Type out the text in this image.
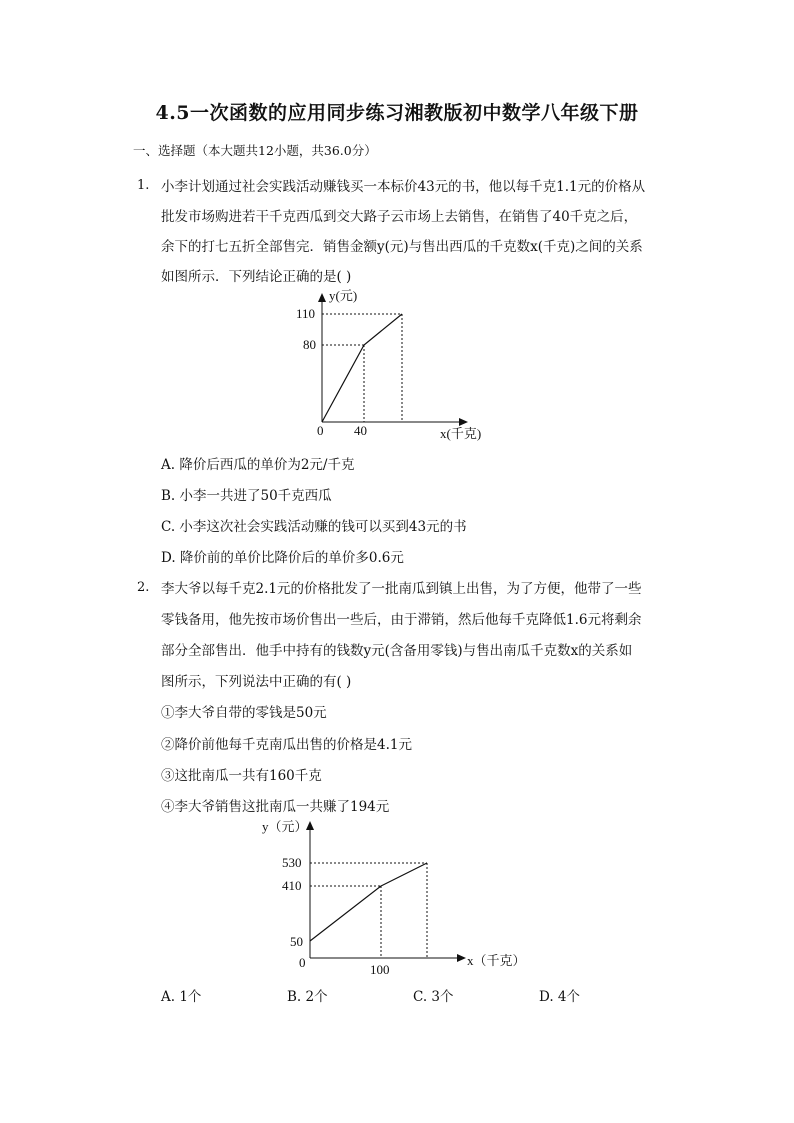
4.5一次函数的应用同步练习湘教版初中数学八年级下册
一、选择题（本大题共12小题，共36.0分）
1. 小李计划通过社会实践活动赚钱买一本标价43元的书，他以每千克1.1元的价格从
批发市场购进若干千克西瓜到交大路子云市场上去销售，在销售了40千克之后，
余下的打七五折全部售完．销售金额y(元)与售出西瓜的千克数x(千克)之间的关系
如图所示．下列结论正确的是( )
y(元)
110
80
0 40	x(千克)
A. 降价后西瓜的单价为2元/千克
B. 小李一共进了50千克西瓜
C. 小李这次社会实践活动赚的钱可以买到43元的书
D. 降价前的单价比降价后的单价多0.6元
2. 李大爷以每千克2.1元的价格批发了一批南瓜到镇上出售，为了方便，他带了一些
零钱备用，他先按市场价售出一些后，由于滞销，然后他每千克降低1.6元将剩余
部分全部售出．他手中持有的钱数y元(含备用零钱)与售出南瓜千克数x的关系如
图所示，下列说法中正确的有( )
①李大爷自带的零钱是50元
②降价前他每千克南瓜出售的价格是4.1元
③这批南瓜一共有160千克
④李大爷销售这批南瓜一共赚了194元
y（元）
530
410
50
0	100
x（千克）
A. 1个	B. 2个	C. 3个	D. 4个
